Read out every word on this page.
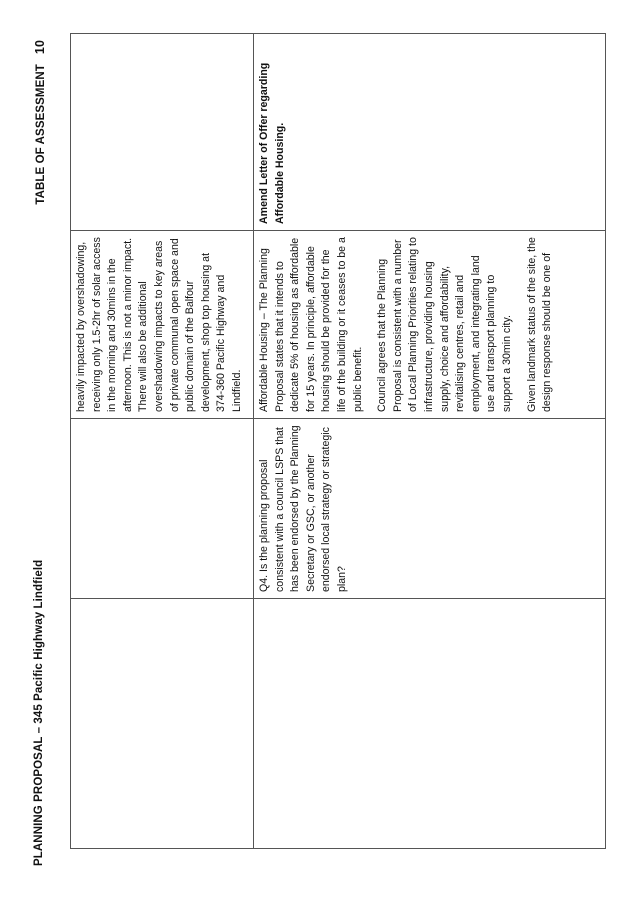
PLANNING PROPOSAL – 345 Pacific Highway Lindfield
TABLE OF ASSESSMENT10
heavily impacted by overshadowing, receiving only 1.5-2hr of solar access in the morning and 30mins in the afternoon. This is not a minor impact. There will also be additional overshadowing impacts to key areas of private communal open space and public domain of the Balfour development, shop top housing at 374-360 Pacific Highway and Lindfield.
Q4. Is the planning proposal consistent with a council LSPS that has been endorsed by the Planning Secretary or GSC, or another endorsed local strategy or strategic plan?
Affordable Housing – The Planning Proposal states that it intends to dedicate 5% of housing as affordable for 15 years. In principle, affordable housing should be provided for the life of the building or it ceases to be a public benefit. Council agrees that the Planning Proposal is consistent with a number of Local Planning Priorities relating to infrastructure, providing housing supply, choice and affordability, revitalising centres, retail and employment, and integrating land use and transport planning to support a 30min city. Given landmark status of the site, the design response should be one of
Amend Letter of Offer regarding Affordable Housing.
